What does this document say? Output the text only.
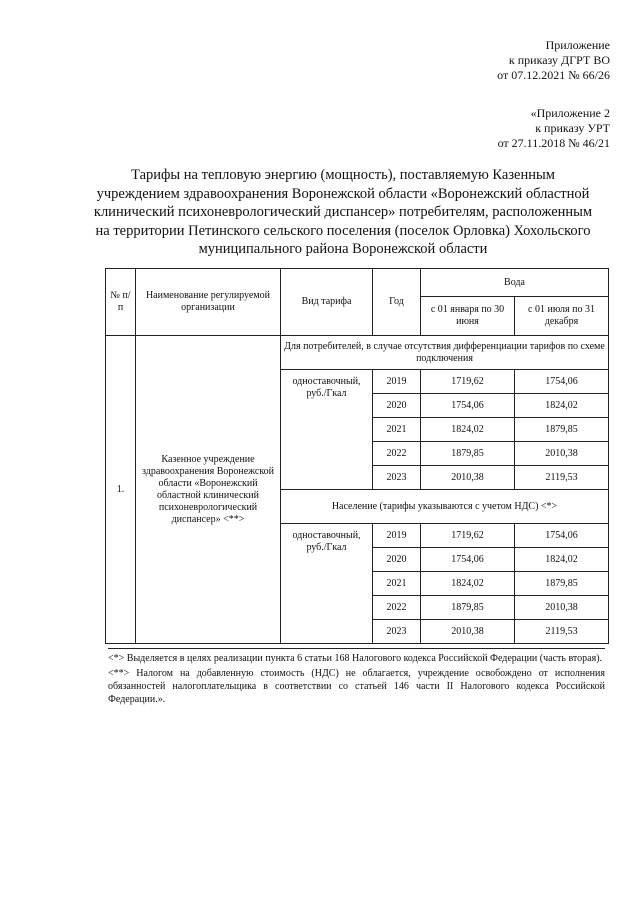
Приложение
к приказу ДГРТ ВО
от 07.12.2021 № 66/26
«Приложение 2
к приказу УРТ
от 27.11.2018 № 46/21
Тарифы на тепловую энергию (мощность), поставляемую Казенным учреждением здравоохранения Воронежской области «Воронежский областной клинический психоневрологический диспансер» потребителям, расположенным на территории Петинского сельского поселения (поселок Орловка) Хохольского муниципального района Воронежской области
№ п/п	Наименование регулируемой организации	Вид тарифа	Год	Вода	
				с 01 января по 30 июня	с 01 июля по 31 декабря
1.	Казенное учреждение здравоохранения Воронежской области «Воронежский областной клинический психоневрологический диспансер» <**>	Для потребителей, в случае отсутствия дифференциации тарифов по схеме подключения			
		одноставочный, руб./Гкал	2019	1719,62	1754,06
			2020	1754,06	1824,02
			2021	1824,02	1879,85
			2022	1879,85	2010,38
			2023	2010,38	2119,53
		Население (тарифы указываются с учетом НДС) <*>			
		одноставочный, руб./Гкал	2019	1719,62	1754,06
			2020	1754,06	1824,02
			2021	1824,02	1879,85
			2022	1879,85	2010,38
			2023	2010,38	2119,53

<*> Выделяется в целях реализации пункта 6 статьи 168 Налогового кодекса Российской Федерации (часть вторая).

<**> Налогом на добавленную стоимость (НДС) не облагается, учреждение освобождено от исполнения обязанностей налогоплательщика в соответствии со статьей 146 части II Налогового кодекса Российской Федерации.».
